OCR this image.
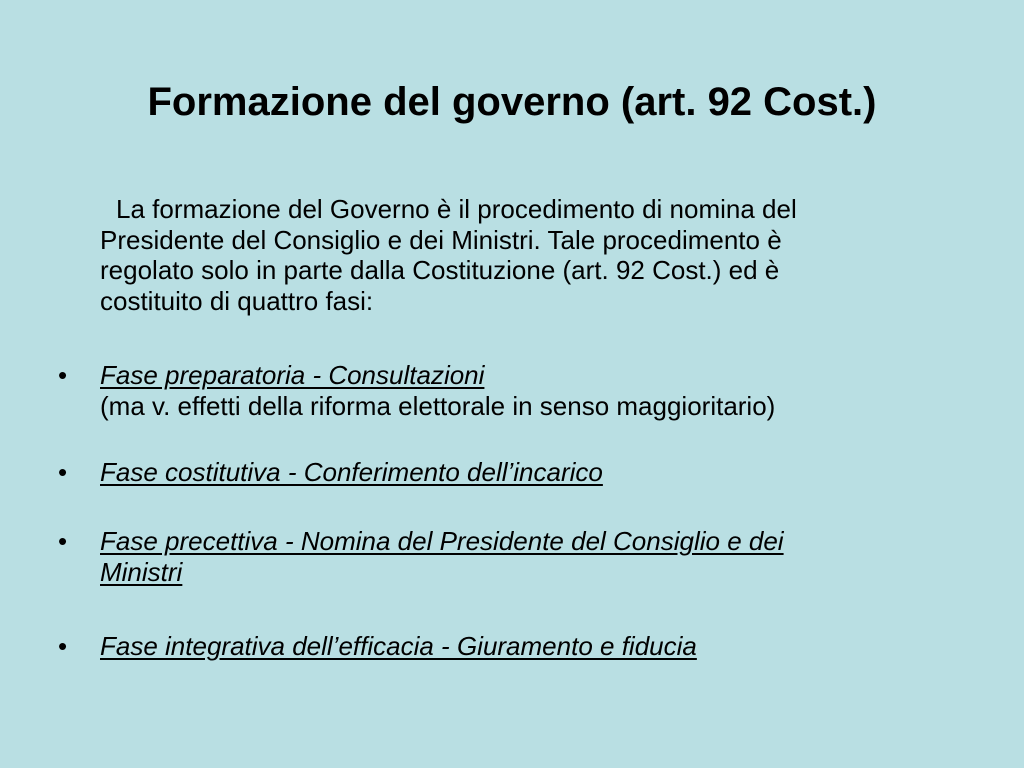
Formazione del governo (art. 92 Cost.)

La formazione del Governo è il procedimento di nomina del
Presidente del Consiglio e dei Ministri. Tale procedimento è
regolato solo in parte dalla Costituzione (art. 92 Cost.) ed è
costituito di quattro fasi:

•	Fase preparatoria - Consultazioni
(ma v. effetti della riforma elettorale in senso maggioritario)
•	Fase costitutiva - Conferimento dell’incarico
•	Fase precettiva - Nomina del Presidente del Consiglio e dei
Ministri
•	Fase integrativa dell’efficacia - Giuramento e fiducia
